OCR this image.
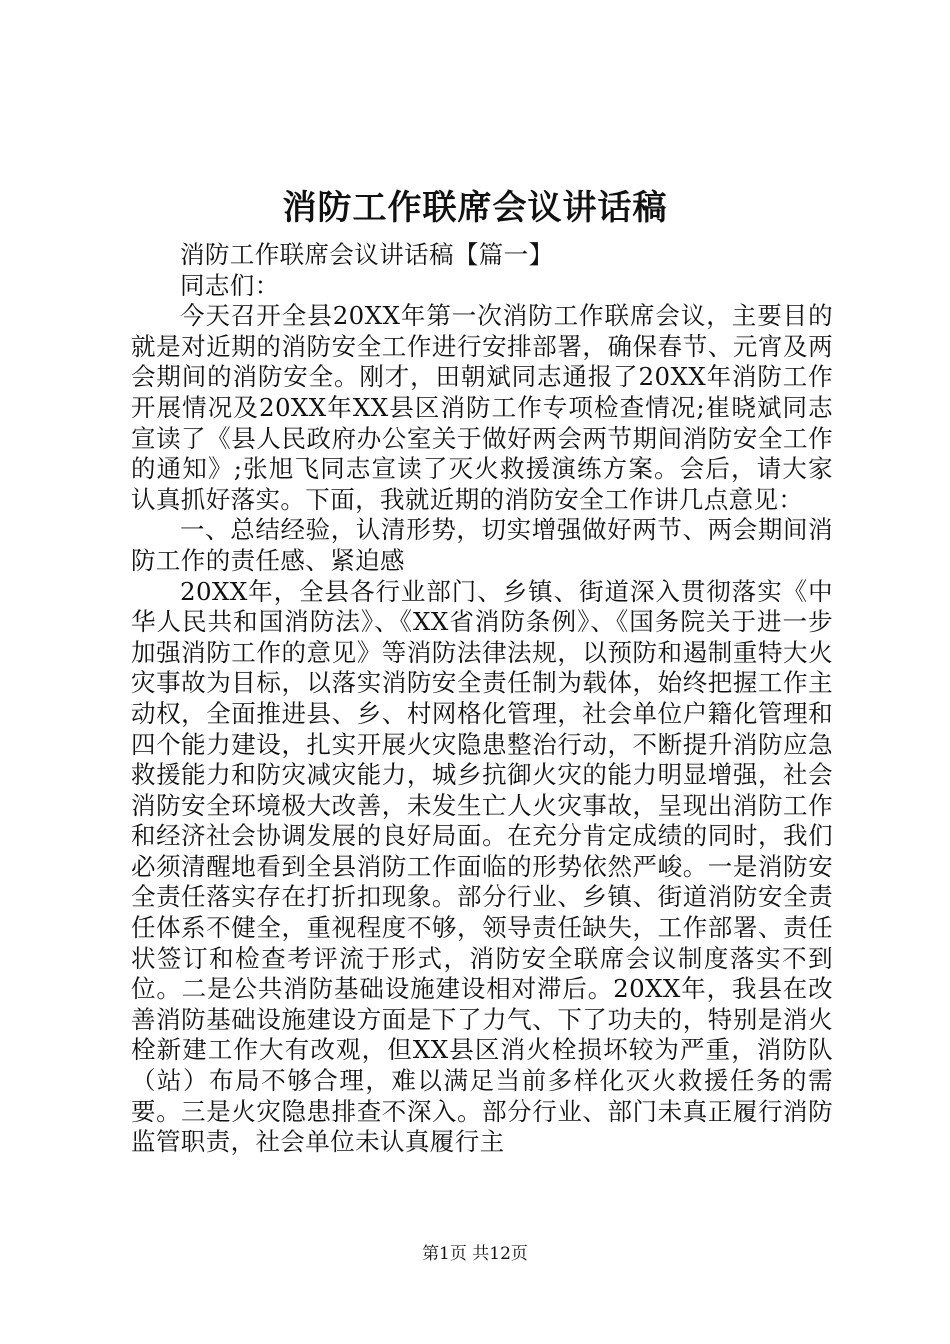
消防工作联席会议讲话稿

消防工作联席会议讲话稿【篇一】

同志们：

今天召开全县20XX年第一次消防工作联席会议，主要目的就是对近期的消防安全工作进行安排部署，确保春节、元宵及两会期间的消防安全。刚才，田朝斌同志通报了20XX年消防工作开展情况及20XX年XX县区消防工作专项检查情况;崔晓斌同志宣读了《县人民政府办公室关于做好两会两节期间消防安全工作的通知》;张旭飞同志宣读了灭火救援演练方案。会后，请大家认真抓好落实。下面，我就近期的消防安全工作讲几点意见：

一、总结经验，认清形势，切实增强做好两节、两会期间消防工作的责任感、紧迫感

20XX年，全县各行业部门、乡镇、街道深入贯彻落实《中华人民共和国消防法》、《XX省消防条例》、《国务院关于进一步加强消防工作的意见》等消防法律法规，以预防和遏制重特大火灾事故为目标，以落实消防安全责任制为载体，始终把握工作主动权，全面推进县、乡、村网格化管理，社会单位户籍化管理和四个能力建设，扎实开展火灾隐患整治行动，不断提升消防应急救援能力和防灾减灾能力，城乡抗御火灾的能力明显增强，社会消防安全环境极大改善，未发生亡人火灾事故，呈现出消防工作和经济社会协调发展的良好局面。在充分肯定成绩的同时，我们必须清醒地看到全县消防工作面临的形势依然严峻。一是消防安全责任落实存在打折扣现象。部分行业、乡镇、街道消防安全责任体系不健全，重视程度不够，领导责任缺失，工作部署、责任状签订和检查考评流于形式，消防安全联席会议制度落实不到位。二是公共消防基础设施建设相对滞后。20XX年，我县在改善消防基础设施建设方面是下了力气、下了功夫的，特别是消火栓新建工作大有改观，但XX县区消火栓损坏较为严重，消防队（站）布局不够合理，难以满足当前多样化灭火救援任务的需要。三是火灾隐患排查不深入。部分行业、部门未真正履行消防监管职责，社会单位未认真履行主

第1页 共12页
